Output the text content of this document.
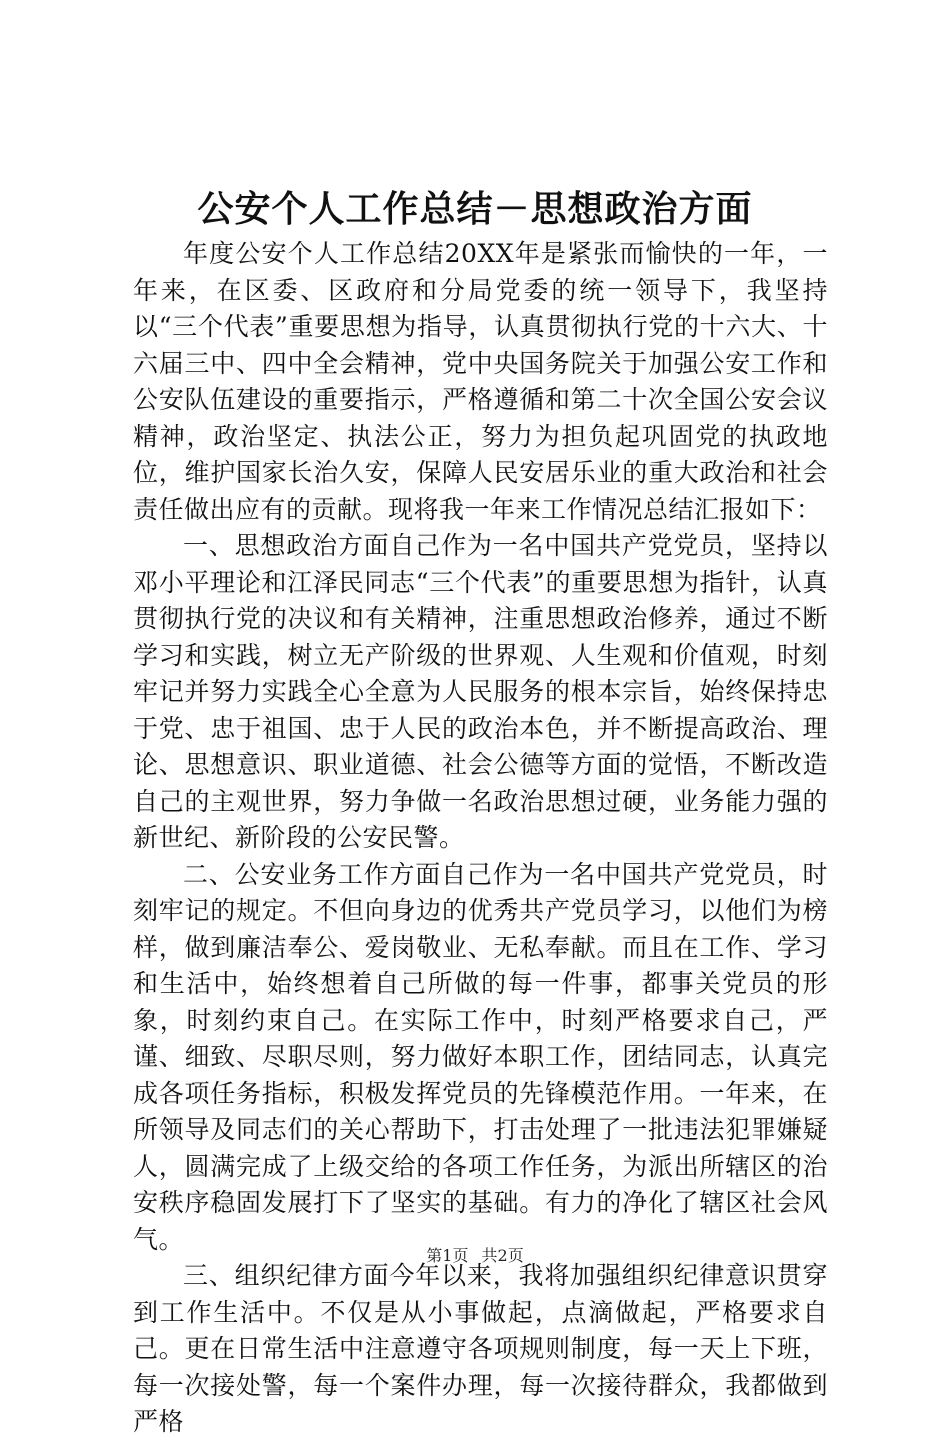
公安个人工作总结－思想政治方面

年度公安个人工作总结20XX年是紧张而愉快的一年，一年来，在区委、区政府和分局党委的统一领导下，我坚持以“三个代表”重要思想为指导，认真贯彻执行党的十六大、十六届三中、四中全会精神，党中央国务院关于加强公安工作和公安队伍建设的重要指示，严格遵循和第二十次全国公安会议精神，政治坚定、执法公正，努力为担负起巩固党的执政地位，维护国家长治久安，保障人民安居乐业的重大政治和社会责任做出应有的贡献。现将我一年来工作情况总结汇报如下：

一、思想政治方面自己作为一名中国共产党党员，坚持以邓小平理论和江泽民同志“三个代表”的重要思想为指针，认真贯彻执行党的决议和有关精神，注重思想政治修养，通过不断学习和实践，树立无产阶级的世界观、人生观和价值观，时刻牢记并努力实践全心全意为人民服务的根本宗旨，始终保持忠于党、忠于祖国、忠于人民的政治本色，并不断提高政治、理论、思想意识、职业道德、社会公德等方面的觉悟，不断改造自己的主观世界，努力争做一名政治思想过硬，业务能力强的新世纪、新阶段的公安民警。

二、公安业务工作方面自己作为一名中国共产党党员，时刻牢记的规定。不但向身边的优秀共产党员学习，以他们为榜样，做到廉洁奉公、爱岗敬业、无私奉献。而且在工作、学习和生活中，始终想着自己所做的每一件事，都事关党员的形象，时刻约束自己。在实际工作中，时刻严格要求自己，严谨、细致、尽职尽则，努力做好本职工作，团结同志，认真完成各项任务指标，积极发挥党员的先锋模范作用。一年来，在所领导及同志们的关心帮助下，打击处理了一批违法犯罪嫌疑人，圆满完成了上级交给的各项工作任务，为派出所辖区的治安秩序稳固发展打下了坚实的基础。有力的净化了辖区社会风气。

三、组织纪律方面今年以来，我将加强组织纪律意识贯穿到工作生活中。不仅是从小事做起，点滴做起，严格要求自己。更在日常生活中注意遵守各项规则制度，每一天上下班，每一次接处警，每一个案件办理，每一次接待群众，我都做到严格

第1页 共2页
